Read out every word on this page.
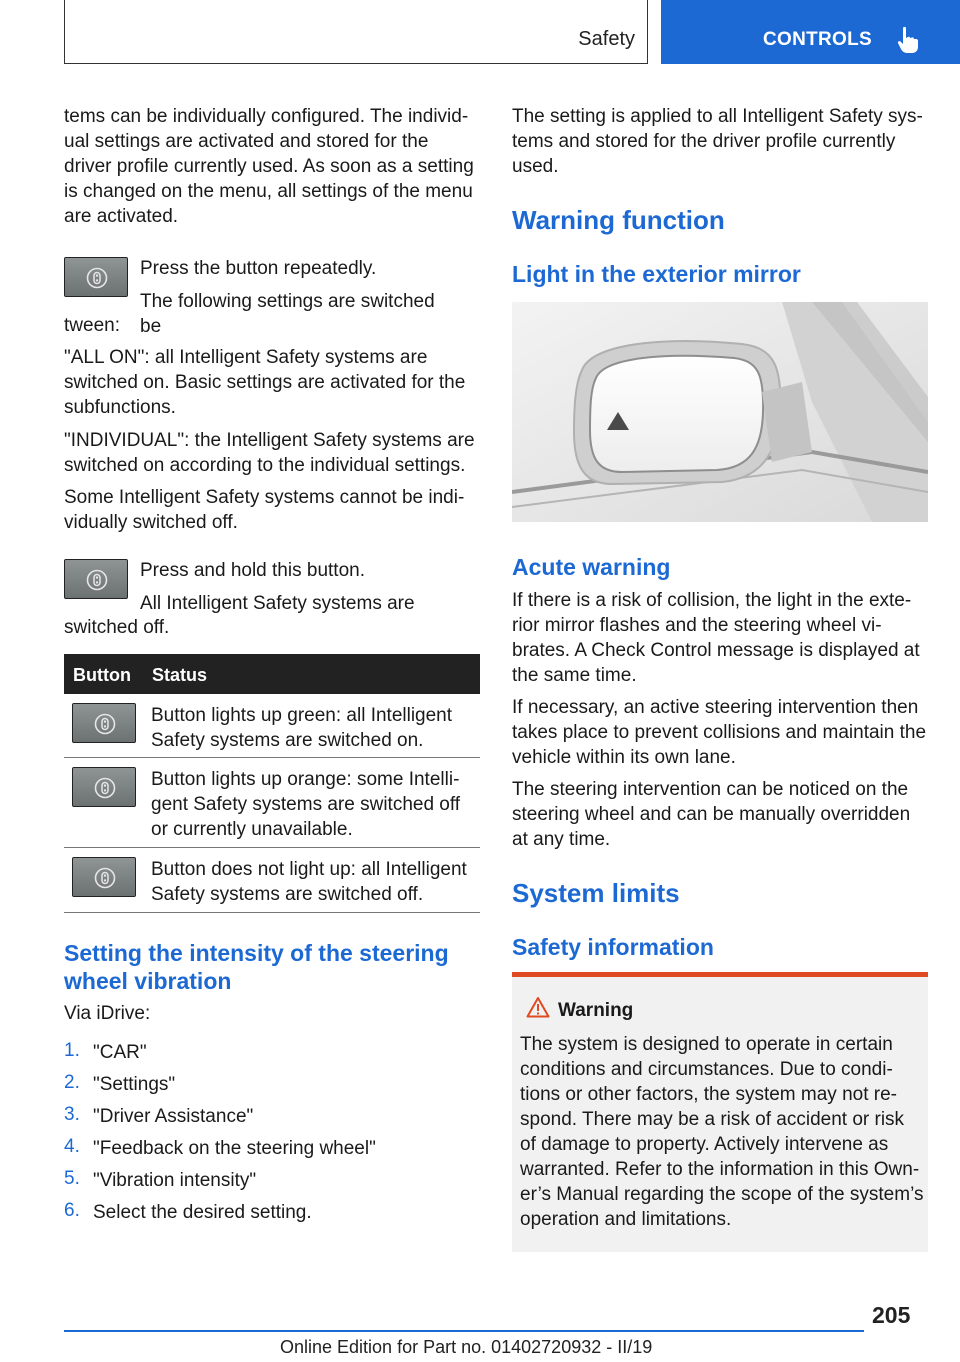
Safety	CONTROLS

tems can be individually configured. The individual settings are activated and stored for the driver profile currently used. As soon as a setting is changed on the menu, all settings of the menu are activated.

Press the button repeatedly.

The following settings are switched be

tween:

"ALL ON": all Intelligent Safety systems are switched on. Basic settings are activated for the subfunctions.

"INDIVIDUAL": the Intelligent Safety systems are switched on according to the individual settings.

Some Intelligent Safety systems cannot be individually switched off.

Press and hold this button.

All Intelligent Safety systems are

switched off.

Button Status

Button lights up green: all Intelligent Safety systems are switched on.

Button lights up orange: some Intelligent Safety systems are switched off or currently unavailable.

Button does not light up: all Intelligent Safety systems are switched off.

Setting the intensity of the steering wheel vibration

Via iDrive:

1. "CAR"
2. "Settings"
3. "Driver Assistance"
4. "Feedback on the steering wheel"
5. "Vibration intensity"
6. Select the desired setting.

The setting is applied to all Intelligent Safety systems and stored for the driver profile currently used.

Warning function

Light in the exterior mirror

Acute warning

If there is a risk of collision, the light in the exterior mirror flashes and the steering wheel vibrates. A Check Control message is displayed at the same time.

If necessary, an active steering intervention then takes place to prevent collisions and maintain the vehicle within its own lane.

The steering intervention can be noticed on the steering wheel and can be manually overridden at any time.

System limits

Safety information

Warning

The system is designed to operate in certain conditions and circumstances. Due to conditions or other factors, the system may not respond. There may be a risk of accident or risk of damage to property. Actively intervene as warranted. Refer to the information in this Owner’s Manual regarding the scope of the system’s operation and limitations.

205
Online Edition for Part no. 01402720932 - II/19
